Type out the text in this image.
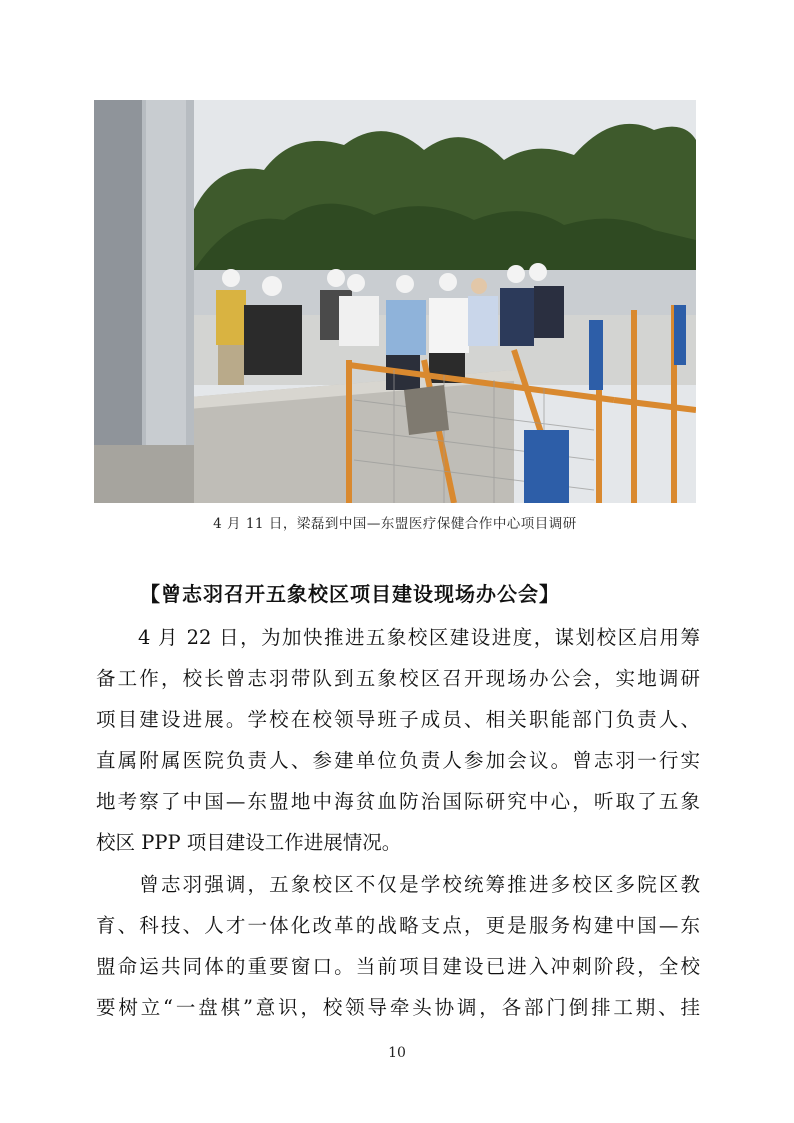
4 月 11 日，梁磊到中国—东盟医疗保健合作中心项目调研
【曾志羽召开五象校区项目建设现场办公会】

　　4 月 22 日，为加快推进五象校区建设进度，谋划校区启用筹
备工作，校长曾志羽带队到五象校区召开现场办公会，实地调研
项目建设进展。学校在校领导班子成员、相关职能部门负责人、
直属附属医院负责人、参建单位负责人参加会议。曾志羽一行实
地考察了中国—东盟地中海贫血防治国际研究中心，听取了五象
校区 PPP 项目建设工作进展情况。

　　曾志羽强调，五象校区不仅是学校统筹推进多校区多院区教
育、科技、人才一体化改革的战略支点，更是服务构建中国—东
盟命运共同体的重要窗口。当前项目建设已进入冲刺阶段，全校
要树立“一盘棋”意识，校领导牵头协调，各部门倒排工期、挂

10
